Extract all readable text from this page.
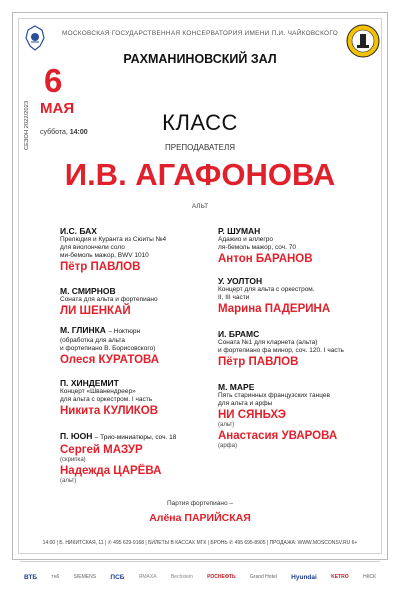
МОСКОВСКАЯ ГОСУДАРСТВЕННАЯ КОНСЕРВАТОРИЯ ИМЕНИ П.И. ЧАЙКОВСКОГО
РАХМАНИНОВСКИЙ ЗАЛ
СЕЗОН 2022/2023
6
МАЯ
суббота, 14:00	КЛАСС
ПРЕПОДАВАТЕЛЯ
И.В. АГАФОНОВА
АЛЬТ
И.С. БАХ
Прелюдия и Куранта из Сюиты №4
для виолончели соло
ми-бемоль мажор, BWV 1010
Пётр ПАВЛОВ
М. СМИРНОВ
Соната для альта и фортепиано
ЛИ ШЕНКАЙ
М. ГЛИНКА – Ноктюрн
(обработка для альта
и фортепиано В. Борисовского)
Олеся КУРАТОВА
П. ХИНДЕМИТ
Концерт «Шванендреер»
для альта с оркестром. I часть
Никита КУЛИКОВ
П. ЮОН – Трио-миниатюры, соч. 18
Сергей МАЗУР
(скрипка)
Надежда ЦАРЁВА
(альт)
Р. ШУМАН
Адажио и аллегро
ля-бемоль мажор, соч. 70
Антон БАРАНОВ
У. УОЛТОН
Концерт для альта с оркестром.
II, III части
Марина ПАДЕРИНА
И. БРАМС
Соната №1 для кларнета (альта)
и фортепиано фа минор, соч. 120. I часть
Пётр ПАВЛОВ
М. МАРЕ
Пять старинных французских танцев
для альта и арфы
НИ СЯНЬХЭ
(альт)
Анастасия УВАРОВА
(арфа)
Партия фортепиано –
Алёна ПАРИЙСКАЯ
14:00 | Б. НИКИТСКАЯ, 11 | ✆ 495 629-9168 | БИЛЕТЫ В КАССАХ МГК | БРОНЬ ✆ 495 695-8905 | ПРОДАЖА: WWW.MOSCONSV.RU 6+
ВТБ	тн6	SIEMENS ПСБ	ЯМАХА	Bechstein	РОСНЕФТЬ	Grand Hotel Hyundai	KETRO	НКСК
